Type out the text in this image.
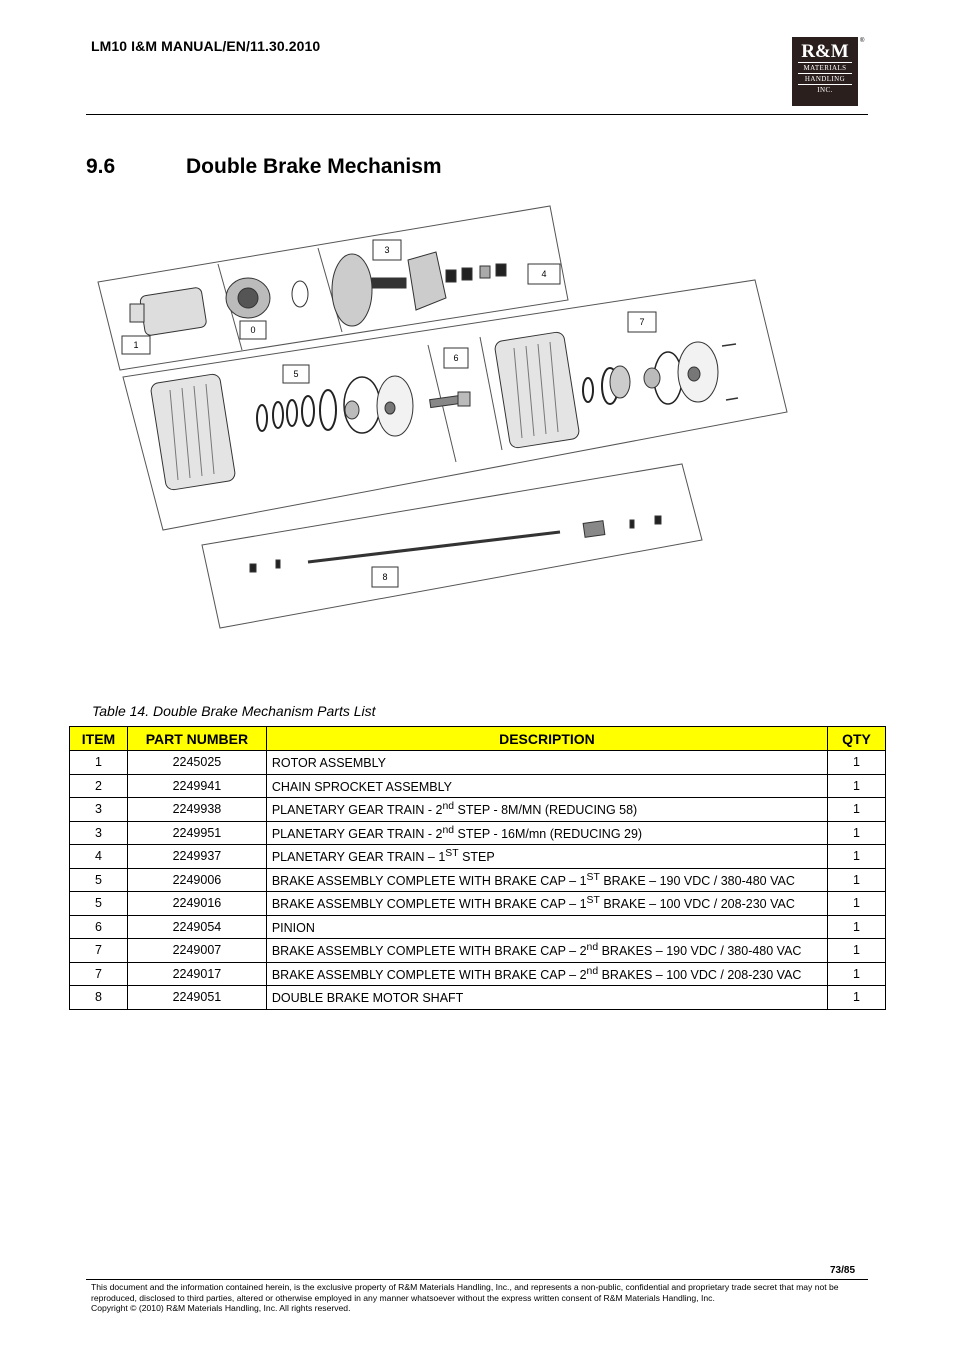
LM10 I&M MANUAL/EN/11.30.2010	R&M
MATERIALS
HANDLING
INC.
®
9.6	Double Brake Mechanism
1
0
3
4
5
6
7
8
Table 14. Double Brake Mechanism Parts List
ITEM	PART NUMBER	DESCRIPTION	QTY
1	2245025	ROTOR ASSEMBLY	1
2	2249941	CHAIN SPROCKET ASSEMBLY	1
3	2249938	PLANETARY GEAR TRAIN - 2nd STEP - 8M/MN (REDUCING 58)	1
3	2249951	PLANETARY GEAR TRAIN - 2nd STEP - 16M/mn (REDUCING 29)	1
4	2249937	PLANETARY GEAR TRAIN – 1ST STEP	1
5	2249006	BRAKE ASSEMBLY COMPLETE WITH BRAKE CAP – 1ST BRAKE – 190 VDC / 380-480 VAC	1
5	2249016	BRAKE ASSEMBLY COMPLETE WITH BRAKE CAP – 1ST BRAKE – 100 VDC / 208-230 VAC	1
6	2249054	PINION	1
7	2249007	BRAKE ASSEMBLY COMPLETE WITH BRAKE CAP – 2nd BRAKES – 190 VDC / 380-480 VAC	1
7	2249017	BRAKE ASSEMBLY COMPLETE WITH BRAKE CAP – 2nd BRAKES – 100 VDC / 208-230 VAC	1
8	2249051	DOUBLE BRAKE MOTOR SHAFT	1
73/85
This document and the information contained herein, is the exclusive property of R&M Materials Handling, Inc., and represents a non-public, confidential and proprietary trade secret that may not be reproduced, disclosed to third parties, altered or otherwise employed in any manner whatsoever without the express written consent of R&M Materials Handling, Inc.
Copyright © (2010) R&M Materials Handling, Inc. All rights reserved.
